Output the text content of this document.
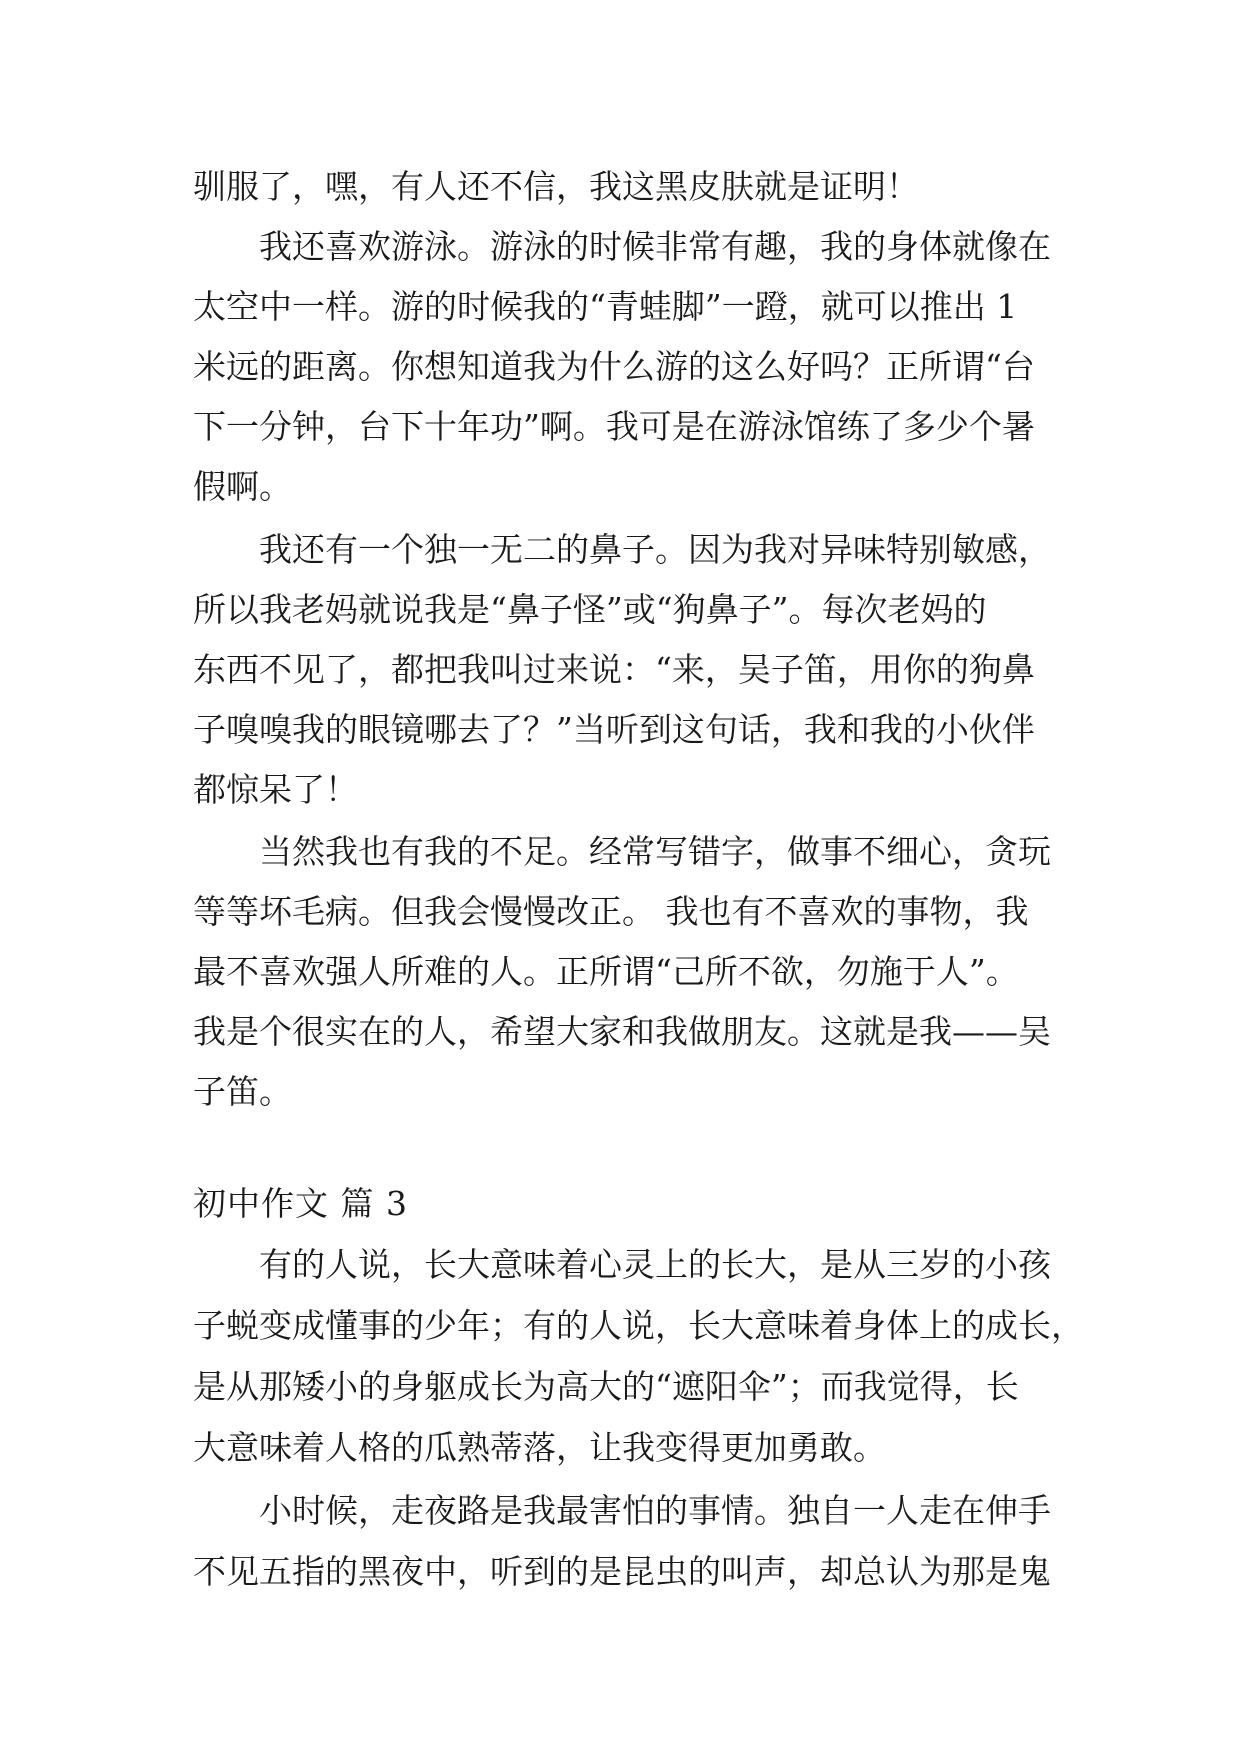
驯服了，嘿，有人还不信，我这黑皮肤就是证明！

我还喜欢游泳。游泳的时候非常有趣，我的身体就像在

太空中一样。游的时候我的“青蛙脚”一蹬，就可以推出 1

米远的距离。你想知道我为什么游的这么好吗？正所谓“台

下一分钟，台下十年功”啊。我可是在游泳馆练了多少个暑

假啊。

我还有一个独一无二的鼻子。因为我对异味特别敏感，

所以我老妈就说我是“鼻子怪”或“狗鼻子”。每次老妈的

东西不见了，都把我叫过来说：“来，吴子笛，用你的狗鼻

子嗅嗅我的眼镜哪去了？”当听到这句话，我和我的小伙伴

都惊呆了！

当然我也有我的不足。经常写错字，做事不细心，贪玩

等等坏毛病。但我会慢慢改正。 我也有不喜欢的事物，我

最不喜欢强人所难的人。正所谓“己所不欲，勿施于人”。

我是个很实在的人，希望大家和我做朋友。这就是我——吴

子笛。

初中作文 篇 3

有的人说，长大意味着心灵上的长大，是从三岁的小孩

子蜕变成懂事的少年；有的人说，长大意味着身体上的成长，

是从那矮小的身躯成长为高大的“遮阳伞”；而我觉得，长

大意味着人格的瓜熟蒂落，让我变得更加勇敢。

小时候，走夜路是我最害怕的事情。独自一人走在伸手

不见五指的黑夜中，听到的是昆虫的叫声，却总认为那是鬼
